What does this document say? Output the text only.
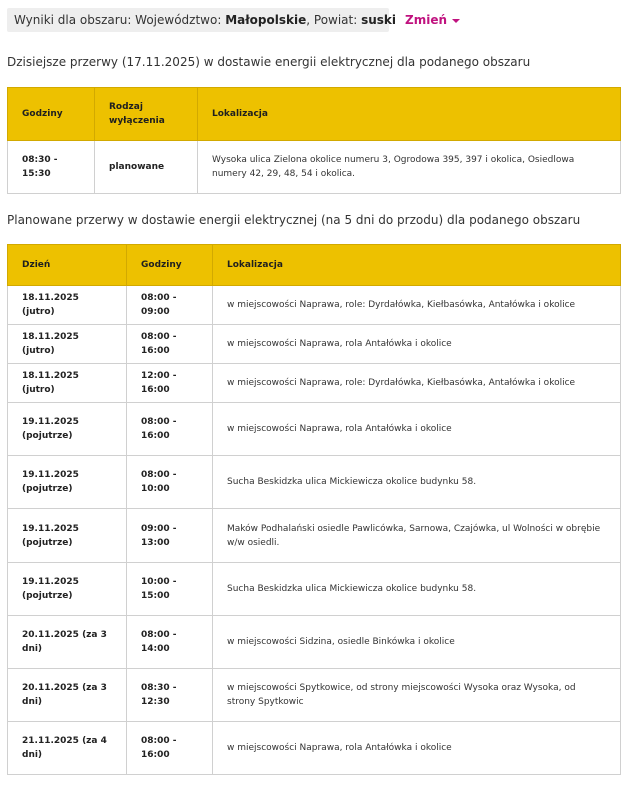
Wyniki dla obszaru: Województwo: Małopolskie, Powiat: suski Zmień
Dzisiejsze przerwy (17.11.2025) w dostawie energii elektrycznej dla podanego obszaru
Godziny	Rodzaj wyłączenia	Lokalizacja
08:30 - 15:30	planowane	Wysoka ulica Zielona okolice numeru 3, Ogrodowa 395, 397 i okolica, Osiedlowa numery 42, 29, 48, 54 i okolica.
Planowane przerwy w dostawie energii elektrycznej (na 5 dni do przodu) dla podanego obszaru
Dzień	Godziny	Lokalizacja
18.11.2025 (jutro)	08:00 - 09:00	w miejscowości Naprawa, role: Dyrdałówka, Kiełbasówka, Antałówka i okolice
18.11.2025 (jutro)	08:00 - 16:00	w miejscowości Naprawa, rola Antałówka i okolice
18.11.2025 (jutro)	12:00 - 16:00	w miejscowości Naprawa, role: Dyrdałówka, Kiełbasówka, Antałówka i okolice
19.11.2025 (pojutrze)	08:00 - 16:00	w miejscowości Naprawa, rola Antałówka i okolice
19.11.2025 (pojutrze)	08:00 - 10:00	Sucha Beskidzka ulica Mickiewicza okolice budynku 58.
19.11.2025 (pojutrze)	09:00 - 13:00	Maków Podhalański osiedle Pawlicówka, Sarnowa, Czajówka, ul Wolności w obrębie w/w osiedli.
19.11.2025 (pojutrze)	10:00 - 15:00	Sucha Beskidzka ulica Mickiewicza okolice budynku 58.
20.11.2025 (za 3 dni)	08:00 - 14:00	w miejscowości Sidzina, osiedle Binkówka i okolice
20.11.2025 (za 3 dni)	08:30 - 12:30	w miejscowości Spytkowice, od strony miejscowości Wysoka oraz Wysoka, od strony Spytkowic
21.11.2025 (za 4 dni)	08:00 - 16:00	w miejscowości Naprawa, rola Antałówka i okolice
